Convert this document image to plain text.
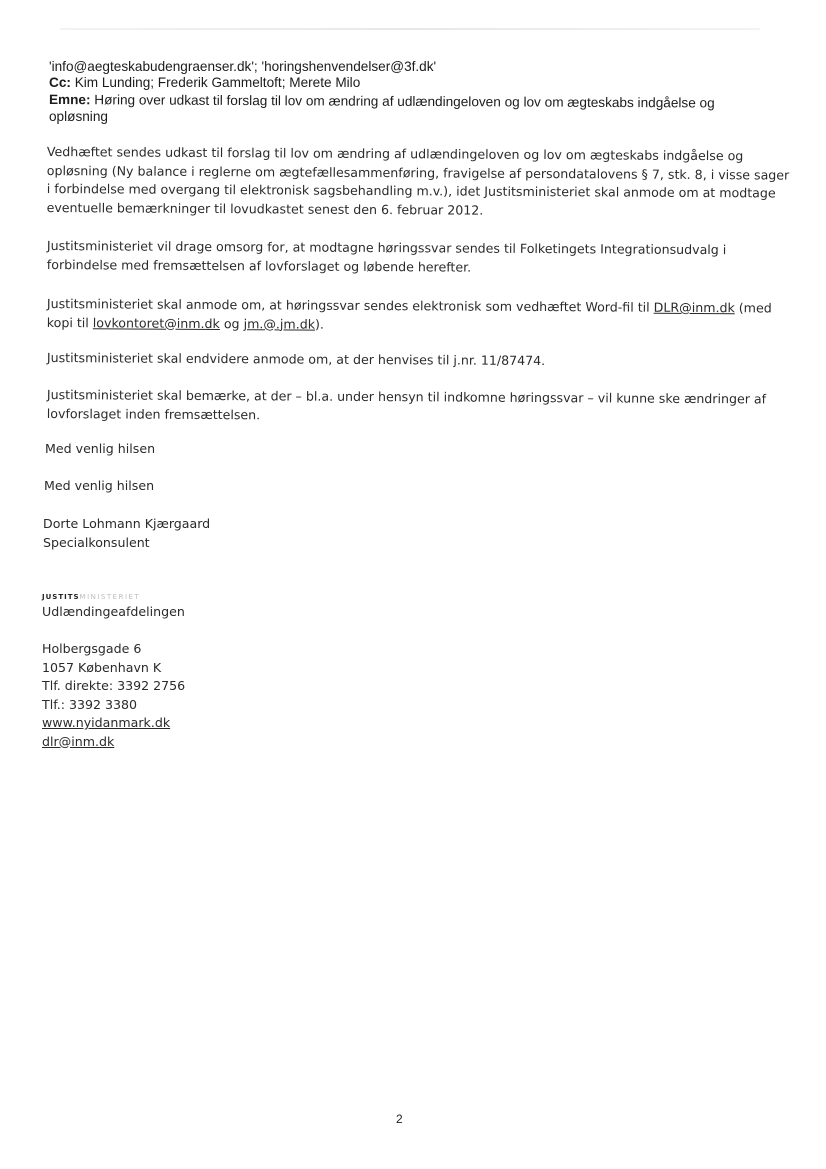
'info@aegteskabudengraenser.dk'; 'horingshenvendelser@3f.dk'
Cc: Kim Lunding; Frederik Gammeltoft; Merete Milo
Emne: Høring over udkast til forslag til lov om ændring af udlændingeloven og lov om ægteskabs indgåelse og
opløsning
Vedhæftet sendes udkast til forslag til lov om ændring af udlændingeloven og lov om ægteskabs indgåelse og
opløsning (Ny balance i reglerne om ægtefællesammenføring, fravigelse af persondatalovens § 7, stk. 8, i visse sager
i forbindelse med overgang til elektronisk sagsbehandling m.v.), idet Justitsministeriet skal anmode om at modtage
eventuelle bemærkninger til lovudkastet senest den 6. februar 2012.
Justitsministeriet vil drage omsorg for, at modtagne høringssvar sendes til Folketingets Integrationsudvalg i
forbindelse med fremsættelsen af lovforslaget og løbende herefter.
Justitsministeriet skal anmode om, at høringssvar sendes elektronisk som vedhæftet Word-fil til DLR@inm.dk (med
kopi til lovkontoret@inm.dk og jm.@.jm.dk).
Justitsministeriet skal endvidere anmode om, at der henvises til j.nr. 11/87474.
Justitsministeriet skal bemærke, at der – bl.a. under hensyn til indkomne høringssvar – vil kunne ske ændringer af
lovforslaget inden fremsættelsen.
Med venlig hilsen
Med venlig hilsen
Dorte Lohmann Kjærgaard
Specialkonsulent
JUSTITSMINISTERIET
Udlændingeafdelingen
Holbergsgade 6
1057 København K
Tlf. direkte: 3392 2756
Tlf.: 3392 3380
www.nyidanmark.dk
dlr@inm.dk
2
